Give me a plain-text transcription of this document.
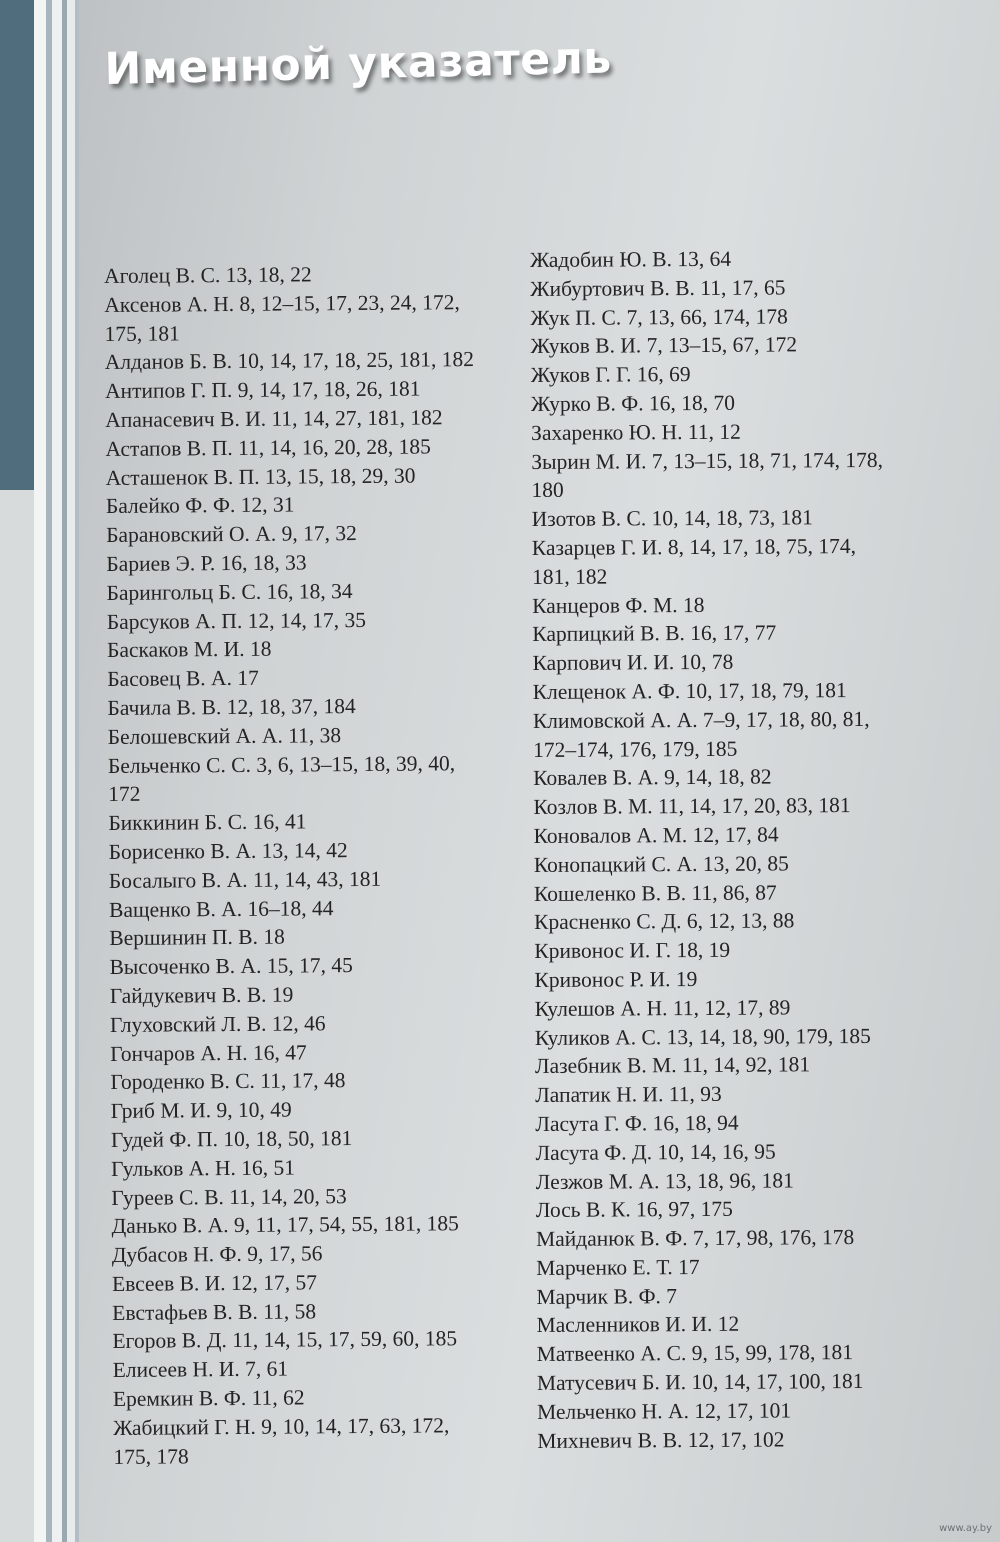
Именной указатель
Аголец В. С. 13, 18, 22
Аксенов А. Н. 8, 12–15, 17, 23, 24, 172,
175, 181
Алданов Б. В. 10, 14, 17, 18, 25, 181, 182
Антипов Г. П. 9, 14, 17, 18, 26, 181
Апанасевич В. И. 11, 14, 27, 181, 182
Астапов В. П. 11, 14, 16, 20, 28, 185
Асташенок В. П. 13, 15, 18, 29, 30
Балейко Ф. Ф. 12, 31
Барановский О. А. 9, 17, 32
Бариев Э. Р. 16, 18, 33
Барингольц Б. С. 16, 18, 34
Барсуков А. П. 12, 14, 17, 35
Баскаков М. И. 18
Басовец В. А. 17
Бачила В. В. 12, 18, 37, 184
Белошевский А. А. 11, 38
Бельченко С. С. 3, 6, 13–15, 18, 39, 40,
172
Биккинин Б. С. 16, 41
Борисенко В. А. 13, 14, 42
Босалыго В. А. 11, 14, 43, 181
Ващенко В. А. 16–18, 44
Вершинин П. В. 18
Высоченко В. А. 15, 17, 45
Гайдукевич В. В. 19
Глуховский Л. В. 12, 46
Гончаров А. Н. 16, 47
Городенко В. С. 11, 17, 48
Гриб М. И. 9, 10, 49
Гудей Ф. П. 10, 18, 50, 181
Гульков А. Н. 16, 51
Гуреев С. В. 11, 14, 20, 53
Данько В. А. 9, 11, 17, 54, 55, 181, 185
Дубасов Н. Ф. 9, 17, 56
Евсеев В. И. 12, 17, 57
Евстафьев В. В. 11, 58
Егоров В. Д. 11, 14, 15, 17, 59, 60, 185
Елисеев Н. И. 7, 61
Еремкин В. Ф. 11, 62
Жабицкий Г. Н. 9, 10, 14, 17, 63, 172,
175, 178
Жадобин Ю. В. 13, 64
Жибуртович В. В. 11, 17, 65
Жук П. С. 7, 13, 66, 174, 178
Жуков В. И. 7, 13–15, 67, 172
Жуков Г. Г. 16, 69
Журко В. Ф. 16, 18, 70
Захаренко Ю. Н. 11, 12
Зырин М. И. 7, 13–15, 18, 71, 174, 178,
180
Изотов В. С. 10, 14, 18, 73, 181
Казарцев Г. И. 8, 14, 17, 18, 75, 174,
181, 182
Канцеров Ф. М. 18
Карпицкий В. В. 16, 17, 77
Карпович И. И. 10, 78
Клещенок А. Ф. 10, 17, 18, 79, 181
Климовской А. А. 7–9, 17, 18, 80, 81,
172–174, 176, 179, 185
Ковалев В. А. 9, 14, 18, 82
Козлов В. М. 11, 14, 17, 20, 83, 181
Коновалов А. М. 12, 17, 84
Конопацкий С. А. 13, 20, 85
Кошеленко В. В. 11, 86, 87
Красненко С. Д. 6, 12, 13, 88
Кривонос И. Г. 18, 19
Кривонос Р. И. 19
Кулешов А. Н. 11, 12, 17, 89
Куликов А. С. 13, 14, 18, 90, 179, 185
Лазебник В. М. 11, 14, 92, 181
Лапатик Н. И. 11, 93
Ласута Г. Ф. 16, 18, 94
Ласута Ф. Д. 10, 14, 16, 95
Лезжов М. А. 13, 18, 96, 181
Лось В. К. 16, 97, 175
Майданюк В. Ф. 7, 17, 98, 176, 178
Марченко Е. Т. 17
Марчик В. Ф. 7
Масленников И. И. 12
Матвеенко А. С. 9, 15, 99, 178, 181
Матусевич Б. И. 10, 14, 17, 100, 181
Мельченко Н. А. 12, 17, 101
Михневич В. В. 12, 17, 102
www.ay.by
